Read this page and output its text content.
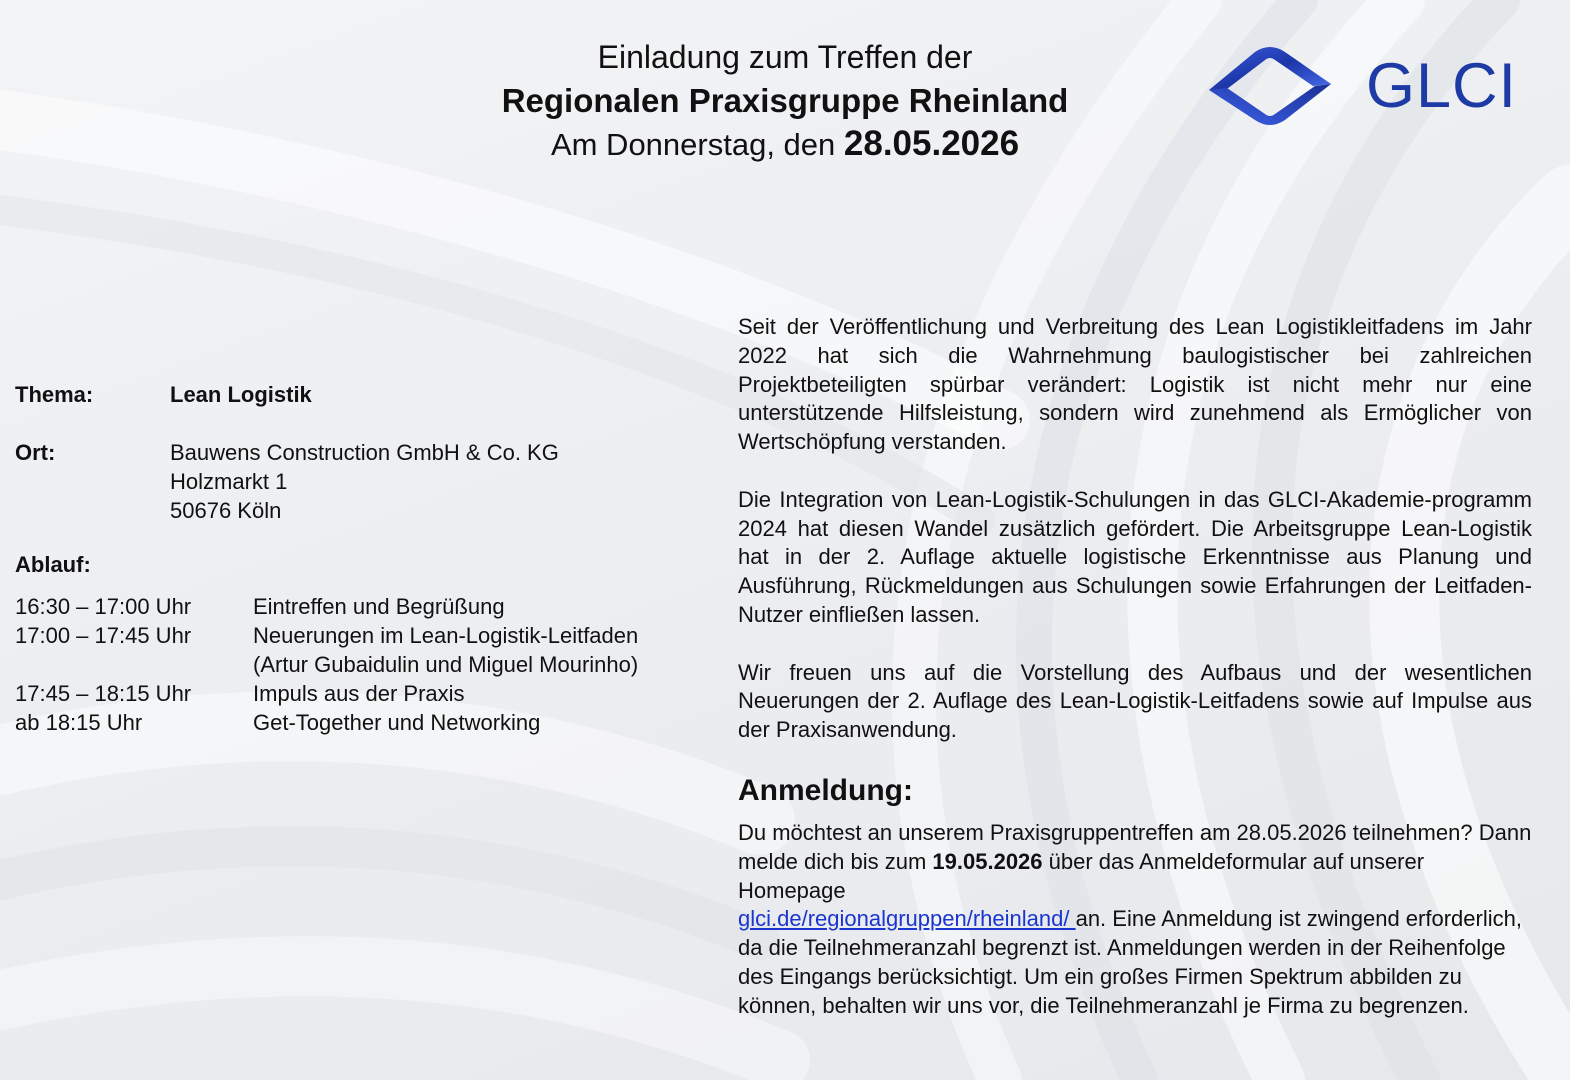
Einladung zum Treffen der
Regionalen Praxisgruppe Rheinland
Am Donnerstag, den 28.05.2026
GLCI
Thema:	Lean Logistik
Ort:	Bauwens Construction GmbH & Co. KG
Holzmarkt 1
50676 Köln
Ablauf:
16:30 – 17:00 Uhr	Eintreffen und Begrüßung
17:00 – 17:45 Uhr	Neuerungen im Lean-Logistik-Leitfaden
(Artur Gubaidulin und Miguel Mourinho)
17:45 – 18:15 Uhr	Impuls aus der Praxis
ab 18:15 Uhr	Get-Together und Networking

Seit der Veröffentlichung und Verbreitung des Lean Logistikleitfadens im Jahr 2022 hat sich die Wahrnehmung baulogistischer bei zahlreichen Projektbeteiligten spürbar verändert: Logistik ist nicht mehr nur eine unterstützende Hilfsleistung, sondern wird zunehmend als Ermöglicher von Wertschöpfung verstanden.

Die Integration von Lean-Logistik-Schulungen in das GLCI-Akademie-programm 2024 hat diesen Wandel zusätzlich gefördert. Die Arbeitsgruppe Lean-Logistik hat in der 2. Auflage aktuelle logistische Erkenntnisse aus Planung und Ausführung, Rückmeldungen aus Schulungen sowie Erfahrungen der Leitfaden-Nutzer einfließen lassen.

Wir freuen uns auf die Vorstellung des Aufbaus und der wesentlichen Neuerungen der 2. Auflage des Lean-Logistik-Leitfadens sowie auf Impulse aus der Praxisanwendung.

Anmeldung:

Du möchtest an unserem Praxisgruppentreffen am 28.05.2026 teilnehmen? Dann melde dich bis zum 19.05.2026 über das Anmeldeformular auf unserer Homepage
glci.de/regionalgruppen/rheinland/ an. Eine Anmeldung ist zwingend erforderlich, da die Teilnehmeranzahl begrenzt ist. Anmeldungen werden in der Reihenfolge des Eingangs berücksichtigt. Um ein großes Firmen Spektrum abbilden zu können, behalten wir uns vor, die Teilnehmeranzahl je Firma zu begrenzen.
